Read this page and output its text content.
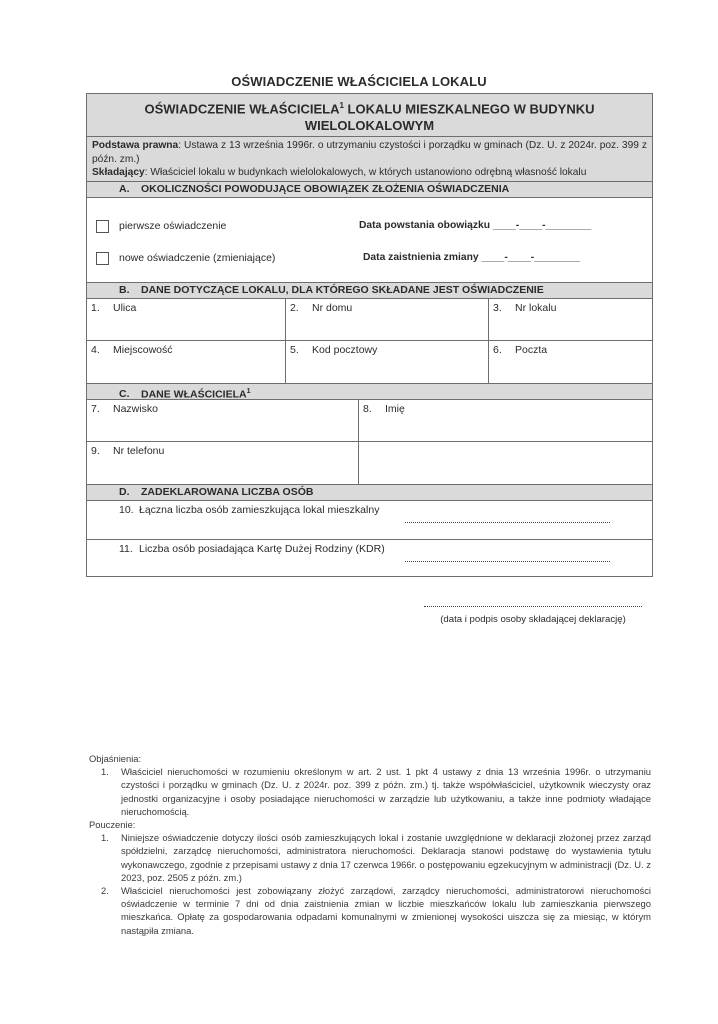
OŚWIADCZENIE WŁAŚCICIELA LOKALU
OŚWIADCZENIE WŁAŚCICIELA$^1$ LOKALU MIESZKALNEGO W BUDYNKU
WIELOLOKALOWYM
Podstawa prawna: Ustawa z 13 września 1996r. o utrzymaniu czystości i porządku w gminach (Dz. U. z 2024r. poz. 399 z późn. zm.)
Składający: Właściciel lokalu w budynkach wielolokalowych, w których ustanowiono odrębną własność lokalu
A. OKOLICZNOŚCI POWODUJĄCE OBOWIĄZEK ZŁOŻENIA OŚWIADCZENIA
pierwsze oświadczenie	Data powstania obowiązku ____-____-________
nowe oświadczenie (zmieniające)	Data zaistnienia zmiany ____-____-________
B. DANE DOTYCZĄCE LOKALU, DLA KTÓREGO SKŁADANE JEST OŚWIADCZENIE
1. Ulica	2. Nr domu	3. Nr lokalu
4. Miejscowość	5. Kod pocztowy	6. Poczta
C. DANE WŁAŚCICIELA$^1$
7. Nazwisko	8. Imię
9. Nr telefonu
D. ZADEKLAROWANA LICZBA OSÓB
10. Łączna liczba osób zamieszkująca lokal mieszkalny
11. Liczba osób posiadająca Kartę Dużej Rodziny (KDR)
(data i podpis osoby składającej deklarację)
Objaśnienia:
1. Właściciel nieruchomości w rozumieniu określonym w art. 2 ust. 1 pkt 4 ustawy z dnia 13 września 1996r. o utrzymaniu czystości i porządku w gminach (Dz. U. z 2024r. poz. 399 z późn. zm.) tj. także współwłaściciel, użytkownik wieczysty oraz jednostki organizacyjne i osoby posiadające nieruchomości w zarządzie lub użytkowaniu, a także inne podmioty władające nieruchomością.
Pouczenie:
1. Niniejsze oświadczenie dotyczy ilości osób zamieszkujących lokal i zostanie uwzględnione w deklaracji złożonej przez zarząd spółdzielni, zarządcę nieruchomości, administratora nieruchomości. Deklaracja stanowi podstawę do wystawienia tytułu wykonawczego, zgodnie z przepisami ustawy z dnia 17 czerwca 1966r. o postępowaniu egzekucyjnym w administracji (Dz. U. z 2023, poz. 2505 z późn. zm.)
2. Właściciel nieruchomości jest zobowiązany złożyć zarządowi, zarządcy nieruchomości, administratorowi nieruchomości oświadczenie w terminie 7 dni od dnia zaistnienia zmian w liczbie mieszkańców lokalu lub zamieszkania pierwszego mieszkańca. Opłatę za gospodarowania odpadami komunalnymi w zmienionej wysokości uiszcza się za miesiąc, w którym nastąpiła zmiana.
